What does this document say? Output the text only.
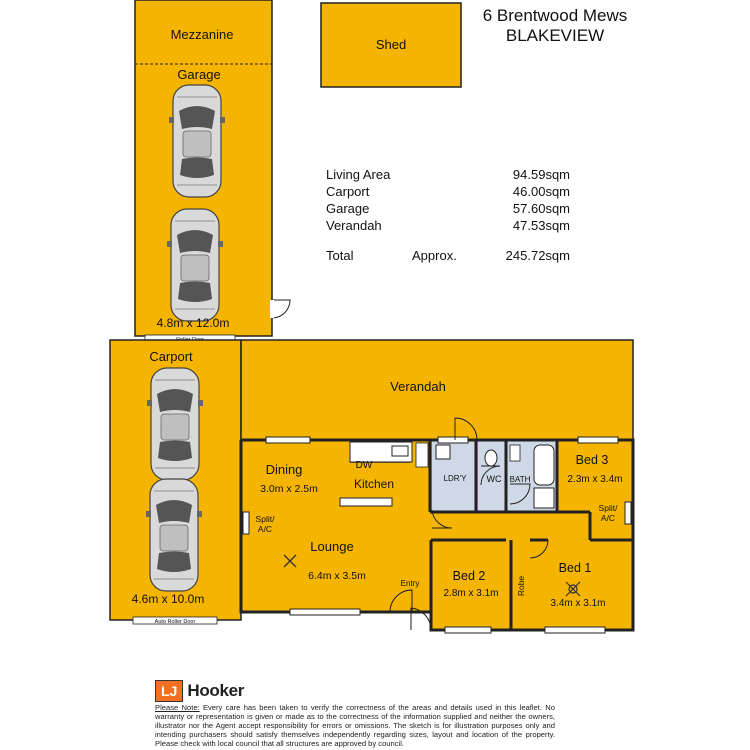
Mezzanine
Garage
4.8m x 12.0m
Shed
Carport
4.6m x 10.0m
Auto Roller Door
Verandah
Dining
3.0m x 2.5m
DW
Kitchen	LDR'Y WC BATH
Bed 3
2.3m x 3.4m
Split/
A/C
Split/
A/C
Lounge
6.4m x 3.5m
Entry
Bed 2
2.8m x 3.1m Robe
Bed 1
3.4m x 3.1m
6 Brentwood Mews
BLAKEVIEW
Living Area	94.59sqm
Carport	46.00sqm
Garage	57.60sqm
Verandah	47.53sqm
Total	Approx.	245.72sqm
LJ Hooker
Please Note: Every care has been taken to verify the correctness of the areas and details used in this leaflet. No warranty or representation is given or made as to the correctness of the information supplied and neither the owners, illustrator nor the Agent accept responsibility for errors or omissions. The sketch is for illustration purposes only and intending purchasers should satisfy themselves independently regarding sizes, layout and location of the property. Please check with local council that all structures are approved by council.
